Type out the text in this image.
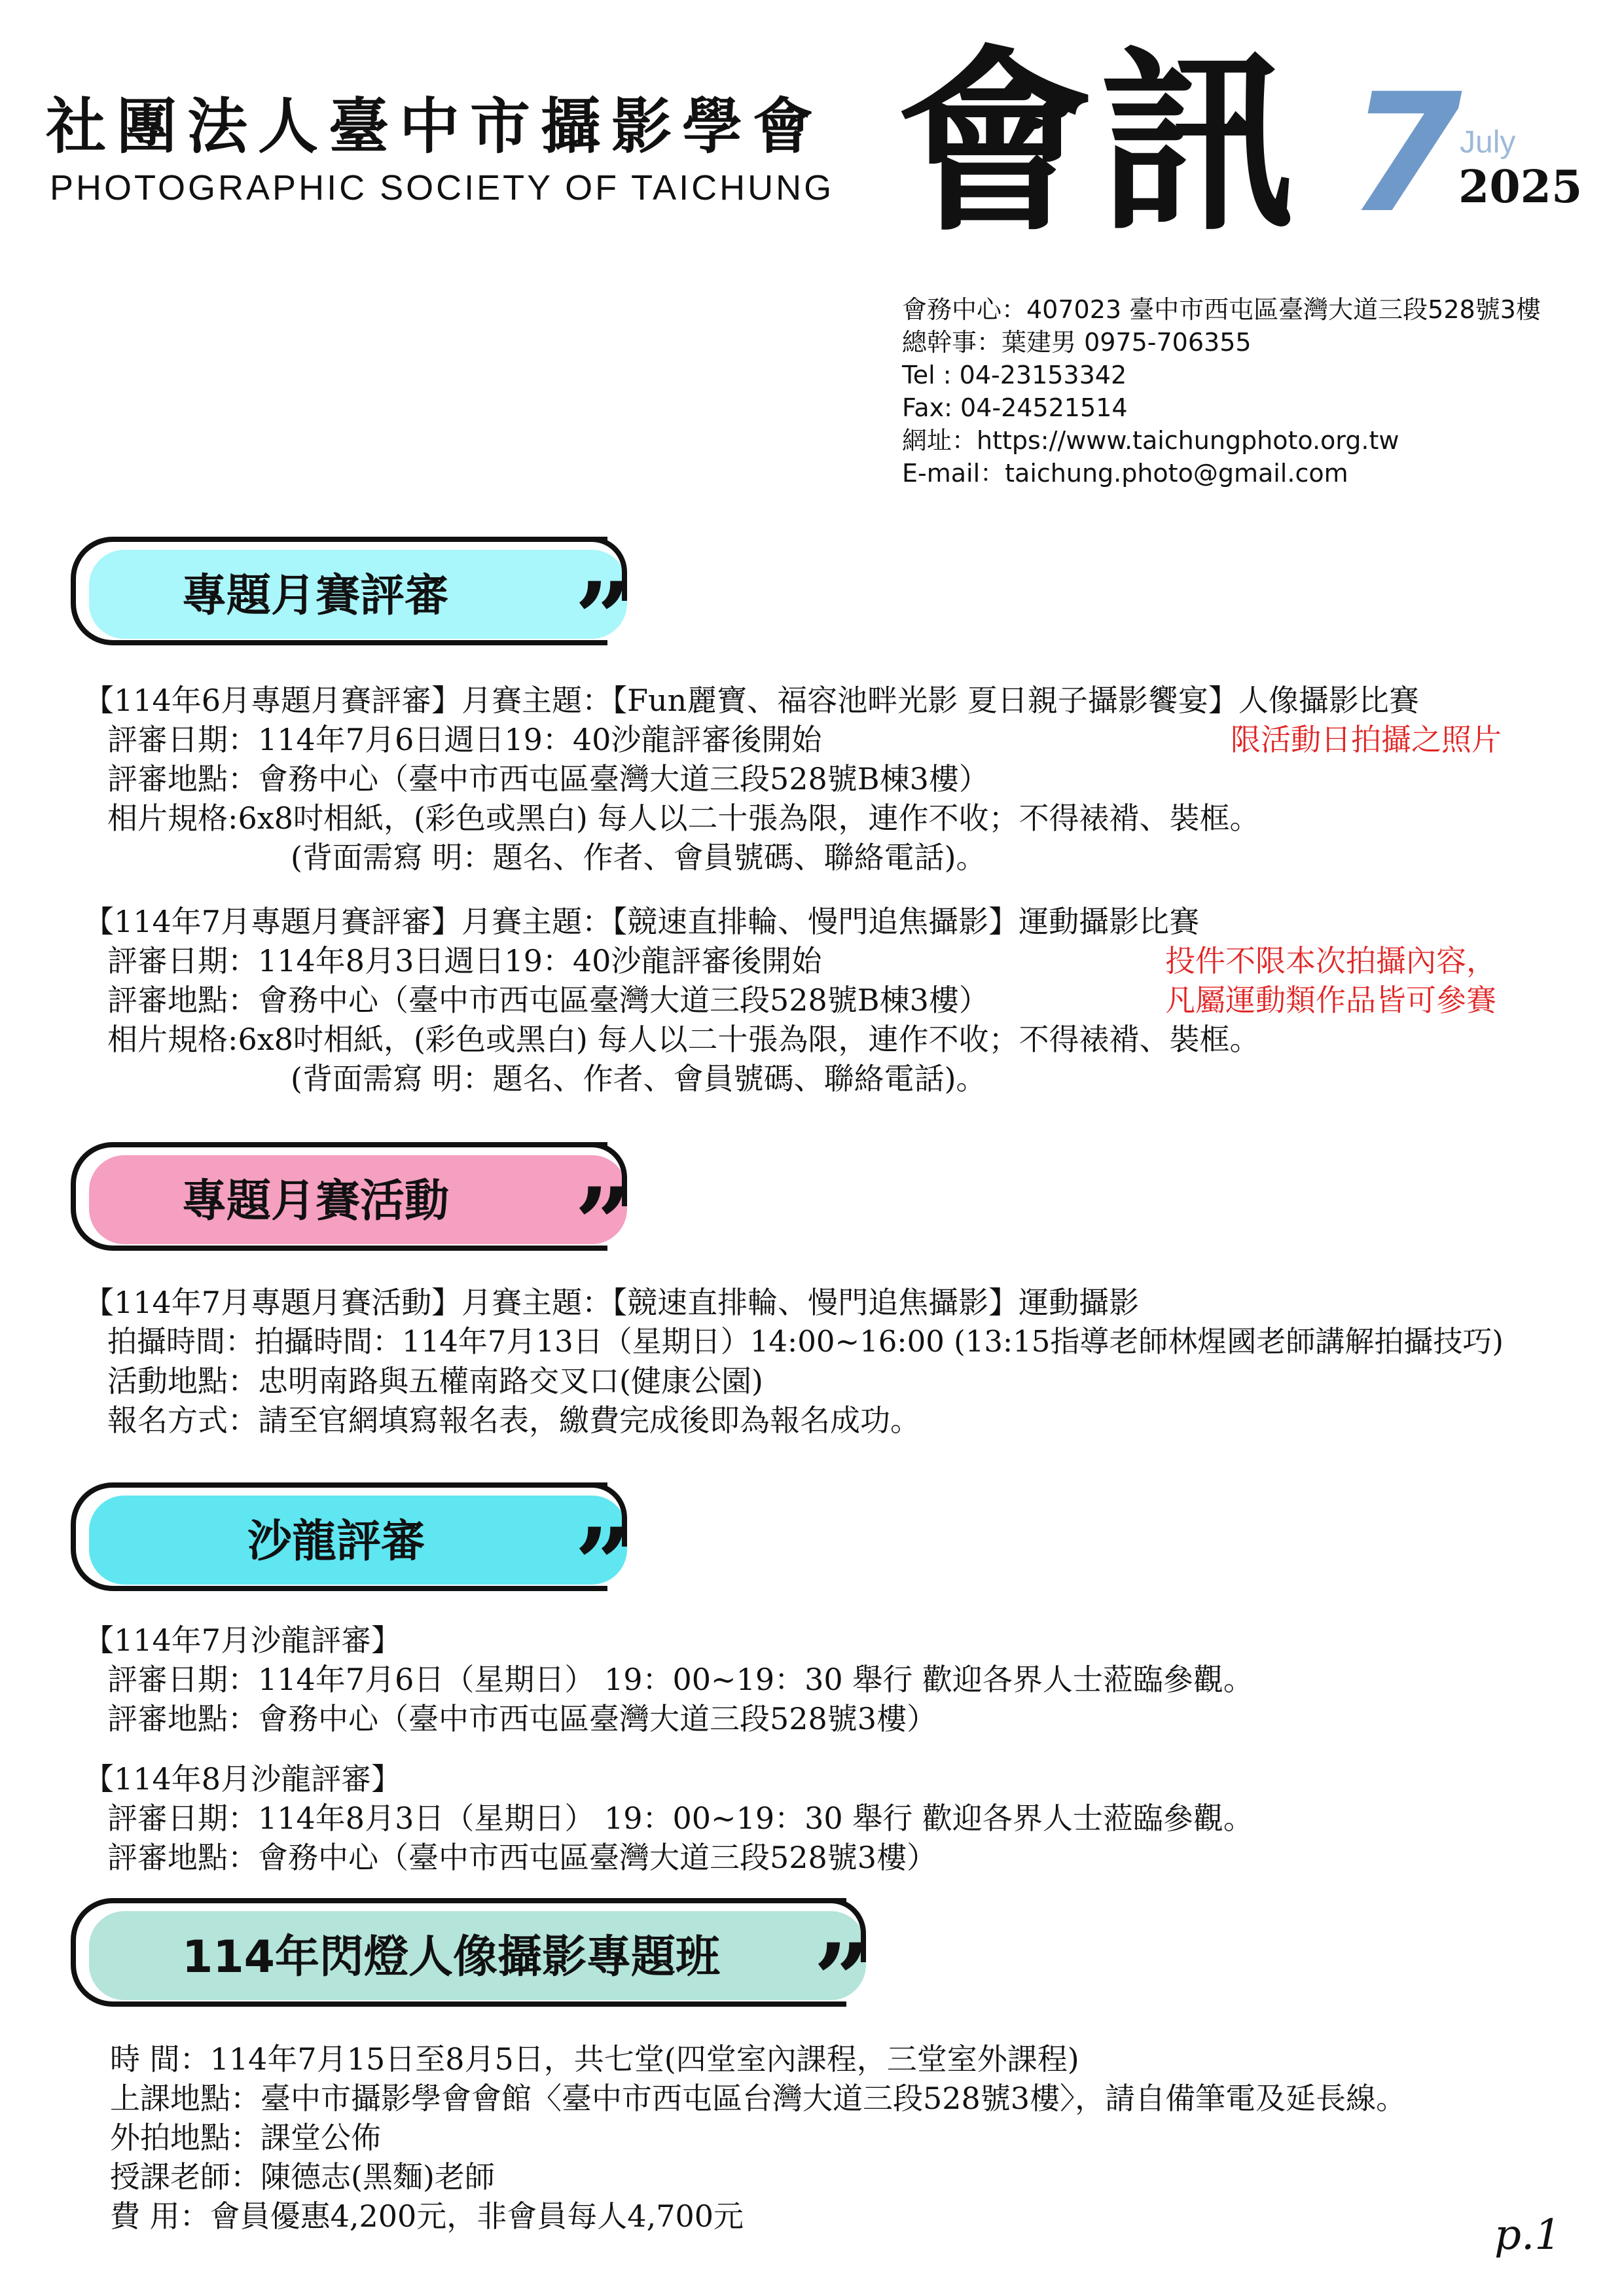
社團法人臺中市攝影學會
PHOTOGRAPHIC SOCIETY OF TAICHUNG 會訊 7
July
2025
會務中心：407023 臺中市西屯區臺灣大道三段528號3樓
總幹事：葉建男 0975-706355
Tel : 04-23153342
Fax: 04-24521514
網址：https://www.taichungphoto.org.tw
E-mail：taichung.photo@gmail.com
專題月賽評審 ”
【114年6月專題月賽評審】月賽主題：【Fun麗寶、福容池畔光影 夏日親子攝影饗宴】人像攝影比賽
評審日期：114年7月6日週日19：40沙龍評審後開始
評審地點：會務中心（臺中市西屯區臺灣大道三段528號B棟3樓）
相片規格:6x8吋相紙，(彩色或黑白) 每人以二十張為限，連作不收；不得裱褙、裝框。
(背面需寫 明：題名、作者、會員號碼、聯絡電話)。
限活動日拍攝之照片
【114年7月專題月賽評審】月賽主題：【競速直排輪、慢門追焦攝影】運動攝影比賽
評審日期：114年8月3日週日19：40沙龍評審後開始
評審地點：會務中心（臺中市西屯區臺灣大道三段528號B棟3樓）
相片規格:6x8吋相紙，(彩色或黑白) 每人以二十張為限，連作不收；不得裱褙、裝框。
(背面需寫 明：題名、作者、會員號碼、聯絡電話)。
投件不限本次拍攝內容，
凡屬運動類作品皆可參賽
專題月賽活動 ”
【114年7月專題月賽活動】月賽主題：【競速直排輪、慢門追焦攝影】運動攝影
拍攝時間：拍攝時間：114年7月13日（星期日）14:00~16:00 (13:15指導老師林煋國老師講解拍攝技巧)
活動地點：忠明南路與五權南路交叉口(健康公園)
報名方式：請至官網填寫報名表，繳費完成後即為報名成功。
沙龍評審 ”
【114年7月沙龍評審】
評審日期：114年7月6日（星期日） 19：00~19：30 舉行 歡迎各界人士蒞臨參觀。
評審地點：會務中心（臺中市西屯區臺灣大道三段528號3樓）
【114年8月沙龍評審】
評審日期：114年8月3日（星期日） 19：00~19：30 舉行 歡迎各界人士蒞臨參觀。
評審地點：會務中心（臺中市西屯區臺灣大道三段528號3樓）
114年閃燈人像攝影專題班 ”
時 間：114年7月15日至8月5日，共七堂(四堂室內課程，三堂室外課程)
上課地點：臺中市攝影學會會館〈臺中市西屯區台灣大道三段528號3樓〉，請自備筆電及延長線。
外拍地點：課堂公佈
授課老師：陳德志(黑麵)老師
費 用：會員優惠4,200元，非會員每人4,700元	p.1
